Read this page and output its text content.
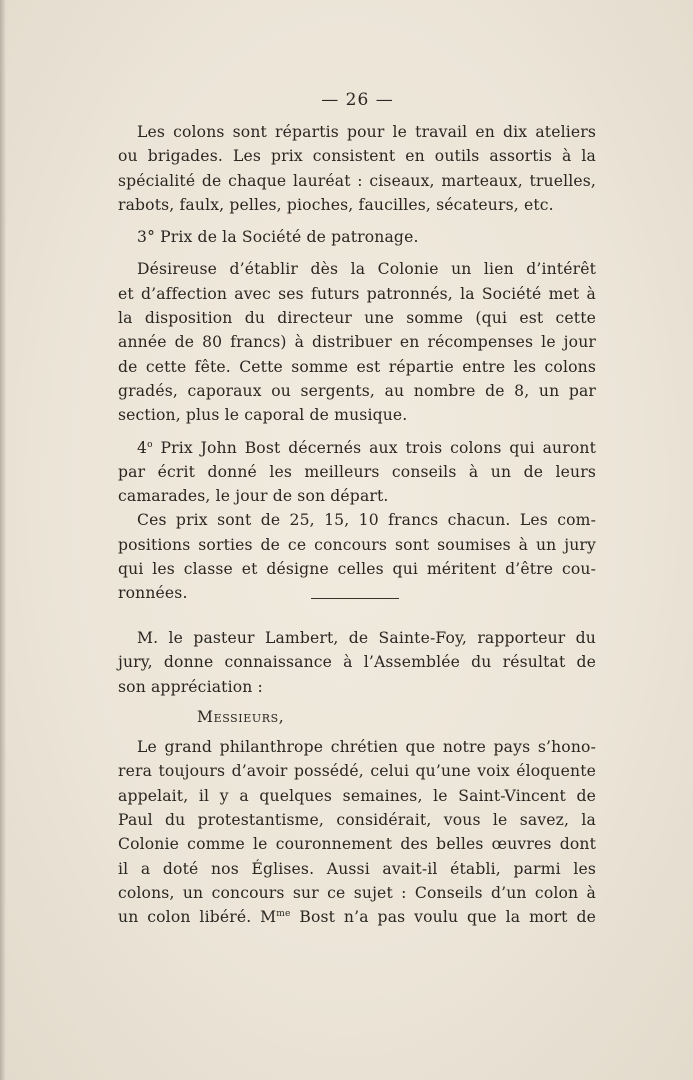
— 26 —

Les colons sont répartis pour le travail en dix ateliers

ou brigades. Les prix consistent en outils assortis à la

spécialité de chaque lauréat : ciseaux, marteaux, truelles,

rabots, faulx, pelles, pioches, faucilles, sécateurs, etc.

3° Prix de la Société de patronage.

Désireuse d’établir dès la Colonie un lien d’intérêt

et d’affection avec ses futurs patronnés, la Société met à

la disposition du directeur une somme (qui est cette

année de 80 francs) à distribuer en récompenses le jour

de cette fête. Cette somme est répartie entre les colons

gradés, caporaux ou sergents, au nombre de 8, un par

section, plus le caporal de musique.

4$^o$ Prix John Bost décernés aux trois colons qui auront

par écrit donné les meilleurs conseils à un de leurs

camarades, le jour de son départ.

Ces prix sont de 25, 15, 10 francs chacun. Les com-

positions sorties de ce concours sont soumises à un jury

qui les classe et désigne celles qui méritent d’être cou-

ronnées.

M. le pasteur Lambert, de Sainte-Foy, rapporteur du

jury, donne connaissance à l’Assemblée du résultat de

son appréciation :

Messieurs,

Le grand philanthrope chrétien que notre pays s’hono-

rera toujours d’avoir possédé, celui qu’une voix éloquente

appelait, il y a quelques semaines, le Saint-Vincent de

Paul du protestantisme, considérait, vous le savez, la

Colonie comme le couronnement des belles œuvres dont

il a doté nos Églises. Aussi avait-il établi, parmi les

colons, un concours sur ce sujet : Conseils d’un colon à

un colon libéré. $M^{me}$ Bost n’a pas voulu que la mort de
